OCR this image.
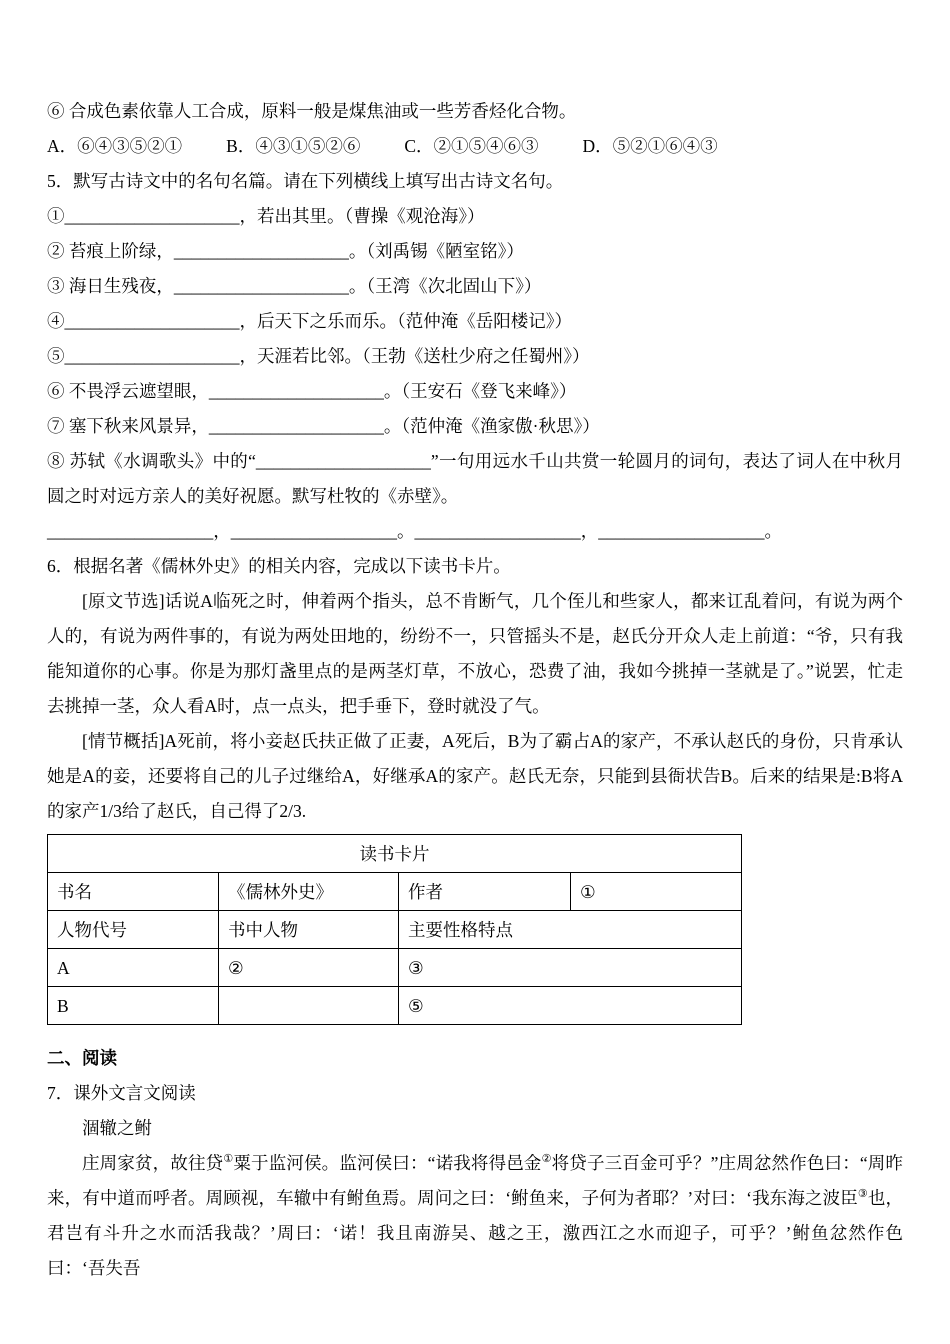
⑥ 合成色素依靠人工合成，原料一般是煤焦油或一些芳香烃化合物。
A．⑥④③⑤②①	B．④③①⑤②⑥	C．②①⑤④⑥③	D．⑤②①⑥④③
5．默写古诗文中的名句名篇。请在下列横线上填写出古诗文名句。
①____________________，若出其里。（曹操《观沧海》）
② 苔痕上阶绿，____________________。（刘禹锡《陋室铭》）
③ 海日生残夜，____________________。（王湾《次北固山下》）
④____________________，后天下之乐而乐。（范仲淹《岳阳楼记》）
⑤____________________，天涯若比邻。（王勃《送杜少府之任蜀州》）
⑥ 不畏浮云遮望眼，____________________。（王安石《登飞来峰》）
⑦ 塞下秋来风景异，____________________。（范仲淹《渔家傲·秋思》）
⑧ 苏轼《水调歌头》中的“____________________”一句用远水千山共赏一轮圆月的词句，表达了词人在中秋月圆之时对远方亲人的美好祝愿。默写杜牧的《赤壁》。
___________________，___________________。___________________，___________________。
6．根据名著《儒林外史》的相关内容，完成以下读书卡片。

[原文节选]话说A临死之时，伸着两个指头，总不肯断气，几个侄儿和些家人，都来讧乱着问，有说为两个人的，有说为两件事的，有说为两处田地的，纷纷不一，只管摇头不是，赵氏分开众人走上前道：“爷，只有我能知道你的心事。你是为那灯盏里点的是两茎灯草，不放心，恐费了油，我如今挑掉一茎就是了。”说罢，忙走去挑掉一茎，众人看A时，点一点头，把手垂下，登时就没了气。

[情节概括]A死前，将小妾赵氏扶正做了正妻，A死后，B为了霸占A的家产，不承认赵氏的身份，只肯承认她是A的妾，还要将自己的儿子过继给A，好继承A的家产。赵氏无奈，只能到县衙状告B。后来的结果是:B将A的家产1/3给了赵氏，自己得了2/3.

读书卡片			
书名	《儒林外史》	作者	①
人物代号	书中人物	主要性格特点	
A	②	③	
B		⑤	
二、阅读
7．课外文言文阅读
涸辙之鲋

庄周家贫，故往贷①粟于监河侯。监河侯曰：“诺我将得邑金②将贷子三百金可乎？”庄周忿然作色曰：“周昨来，有中道而呼者。周顾视，车辙中有鲋鱼焉。周问之曰：‘鲋鱼来，子何为者耶？’对曰：‘我东海之波臣③也，君岂有斗升之水而活我哉？’周曰：‘诺！我且南游吴、越之王，激西江之水而迎子，可乎？’鲋鱼忿然作色曰：‘吾失吾
